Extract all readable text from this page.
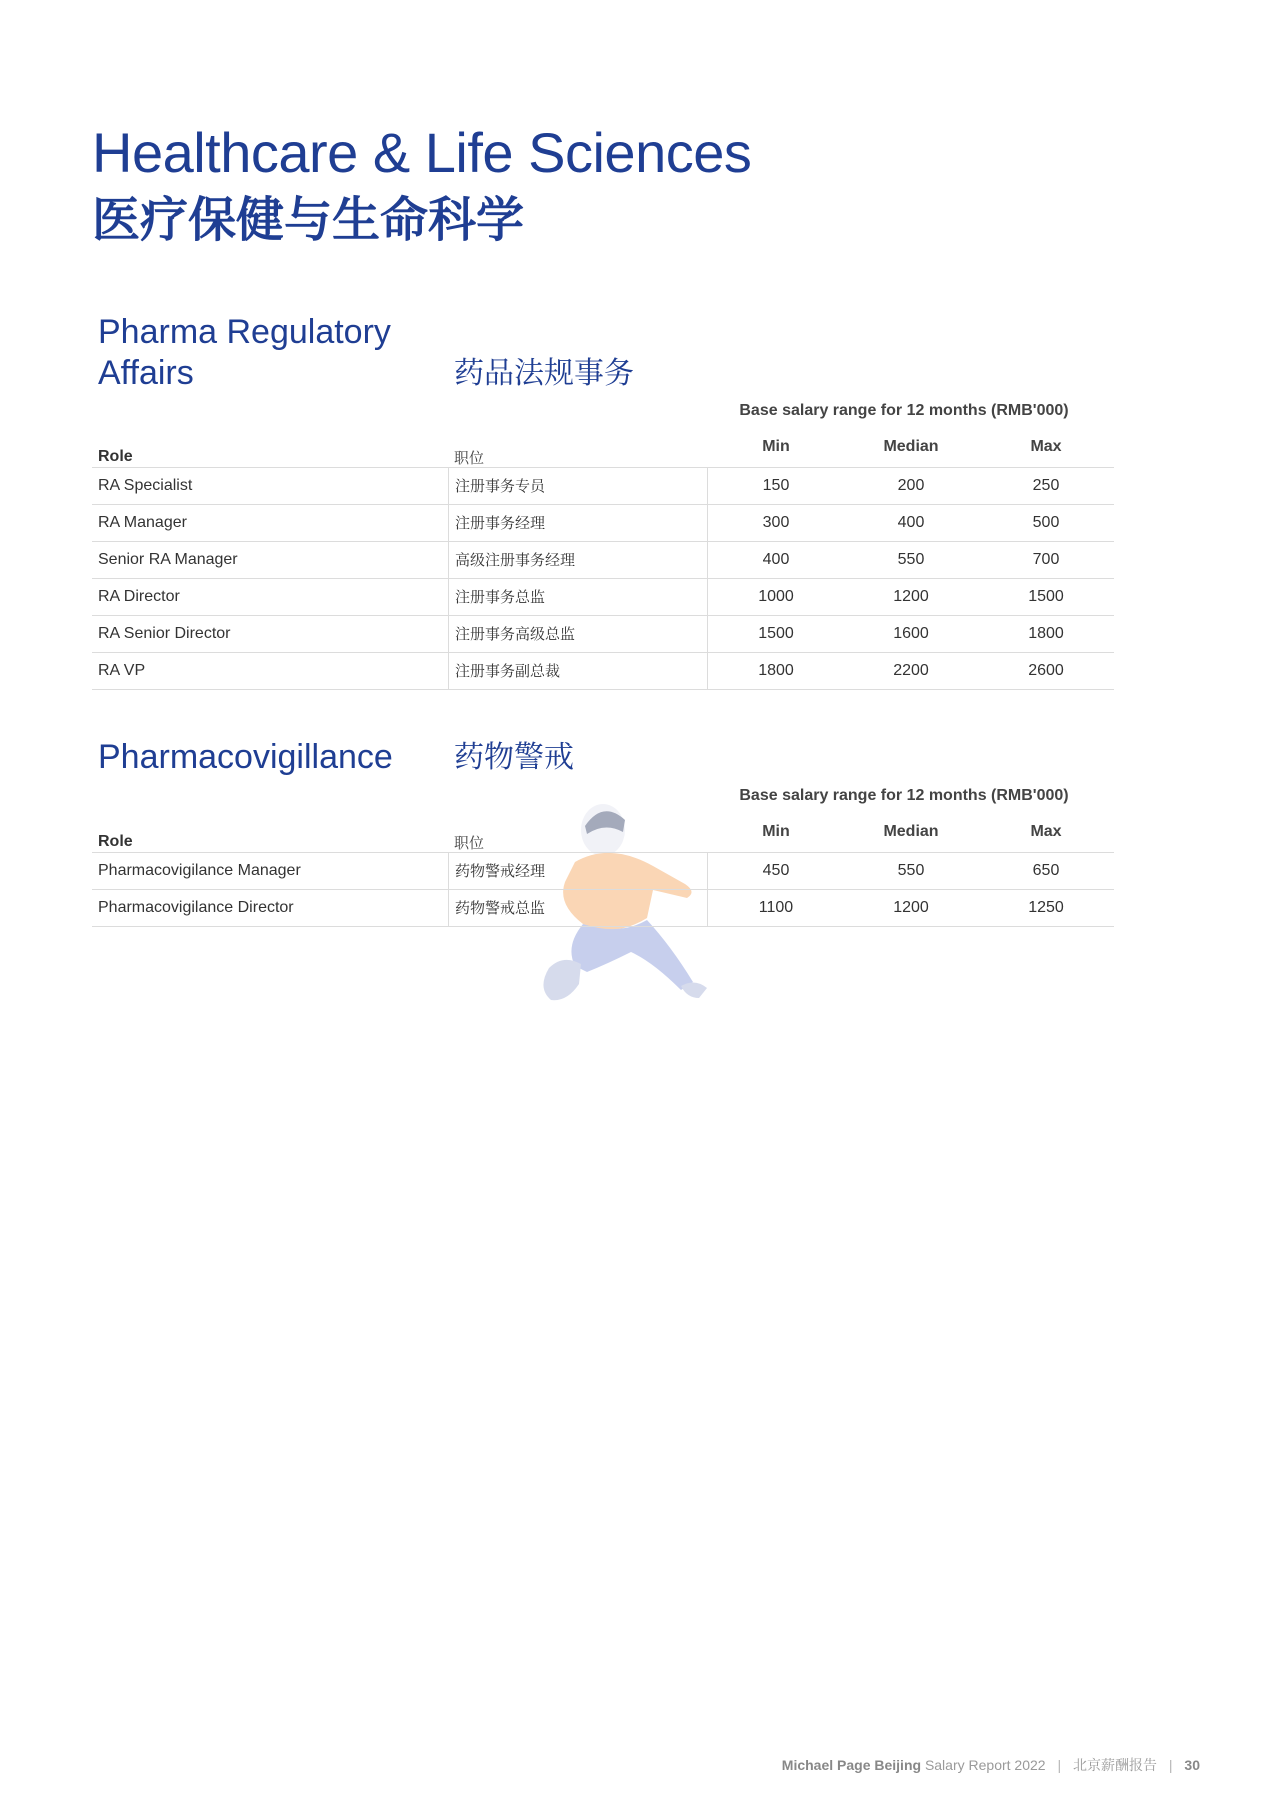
Healthcare & Life Sciences
医疗保健与生命科学
Pharma Regulatory
Affairs	药品法规事务
Base salary range for 12 months (RMB'000)
Role	职位
Min	Median	Max
RA Specialist	注册事务专员	150	200	250
RA Manager	注册事务经理	300	400	500
Senior RA Manager	高级注册事务经理	400	550	700
RA Director	注册事务总监	1000	1200	1500
RA Senior Director	注册事务高级总监	1500	1600	1800
RA VP	注册事务副总裁	1800	2200	2600
Pharmacovigillance 药物警戒
Base salary range for 12 months (RMB'000)
Role	职位
Min	Median	Max
Pharmacovigilance Manager	药物警戒经理	450	550	650
Pharmacovigilance Director	药物警戒总监	1100	1200	1250
Michael Page Beijing Salary Report 2022 | 北京薪酬报告 | 30
